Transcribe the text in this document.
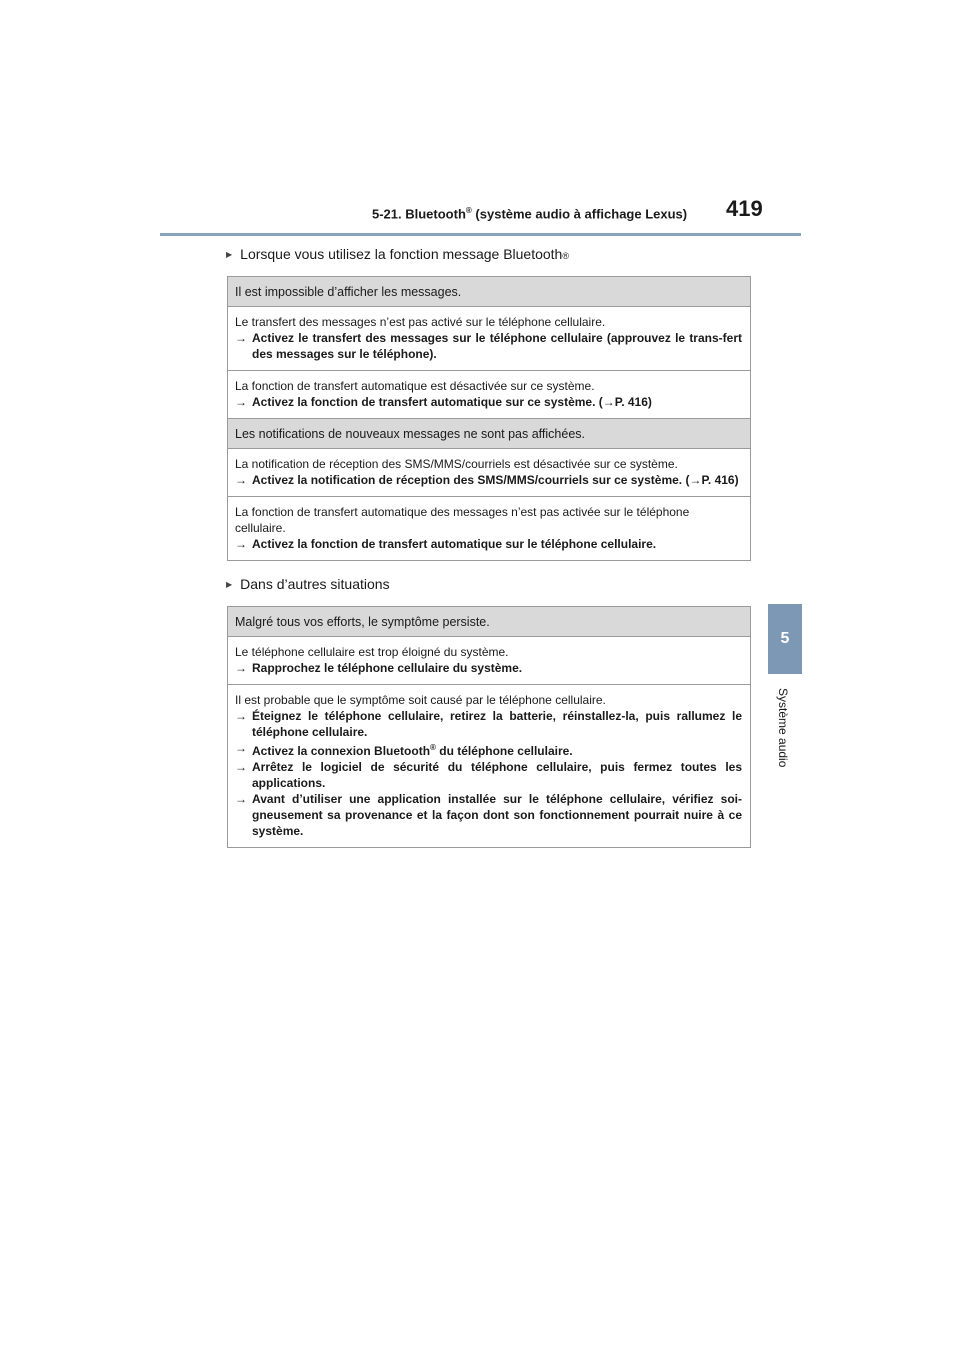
5-21. Bluetooth® (système audio à affichage Lexus)	419
5
Système audio
▶ Lorsque vous utilisez la fonction message Bluetooth ®
Il est impossible d’afficher les messages.
Le transfert des messages n’est pas activé sur le téléphone cellulaire.
→ Activez le transfert des messages sur le téléphone cellulaire (approuvez le trans-fert des messages sur le téléphone).
La fonction de transfert automatique est désactivée sur ce système.
→ Activez la fonction de transfert automatique sur ce système. (→P. 416)
Les notifications de nouveaux messages ne sont pas affichées.
La notification de réception des SMS/MMS/courriels est désactivée sur ce système.
→ Activez la notification de réception des SMS/MMS/courriels sur ce système. (→P. 416)
La fonction de transfert automatique des messages n’est pas activée sur le téléphone cellulaire.
→ Activez la fonction de transfert automatique sur le téléphone cellulaire.
▶ Dans d’autres situations
Malgré tous vos efforts, le symptôme persiste.
Le téléphone cellulaire est trop éloigné du système.
→ Rapprochez le téléphone cellulaire du système.
Il est probable que le symptôme soit causé par le téléphone cellulaire.
→ Éteignez le téléphone cellulaire, retirez la batterie, réinstallez-la, puis rallumez le téléphone cellulaire.
→ Activez la connexion Bluetooth® du téléphone cellulaire.
→ Arrêtez le logiciel de sécurité du téléphone cellulaire, puis fermez toutes les applications.
→ Avant d’utiliser une application installée sur le téléphone cellulaire, vérifiez soi-gneusement sa provenance et la façon dont son fonctionnement pourrait nuire à ce système.
